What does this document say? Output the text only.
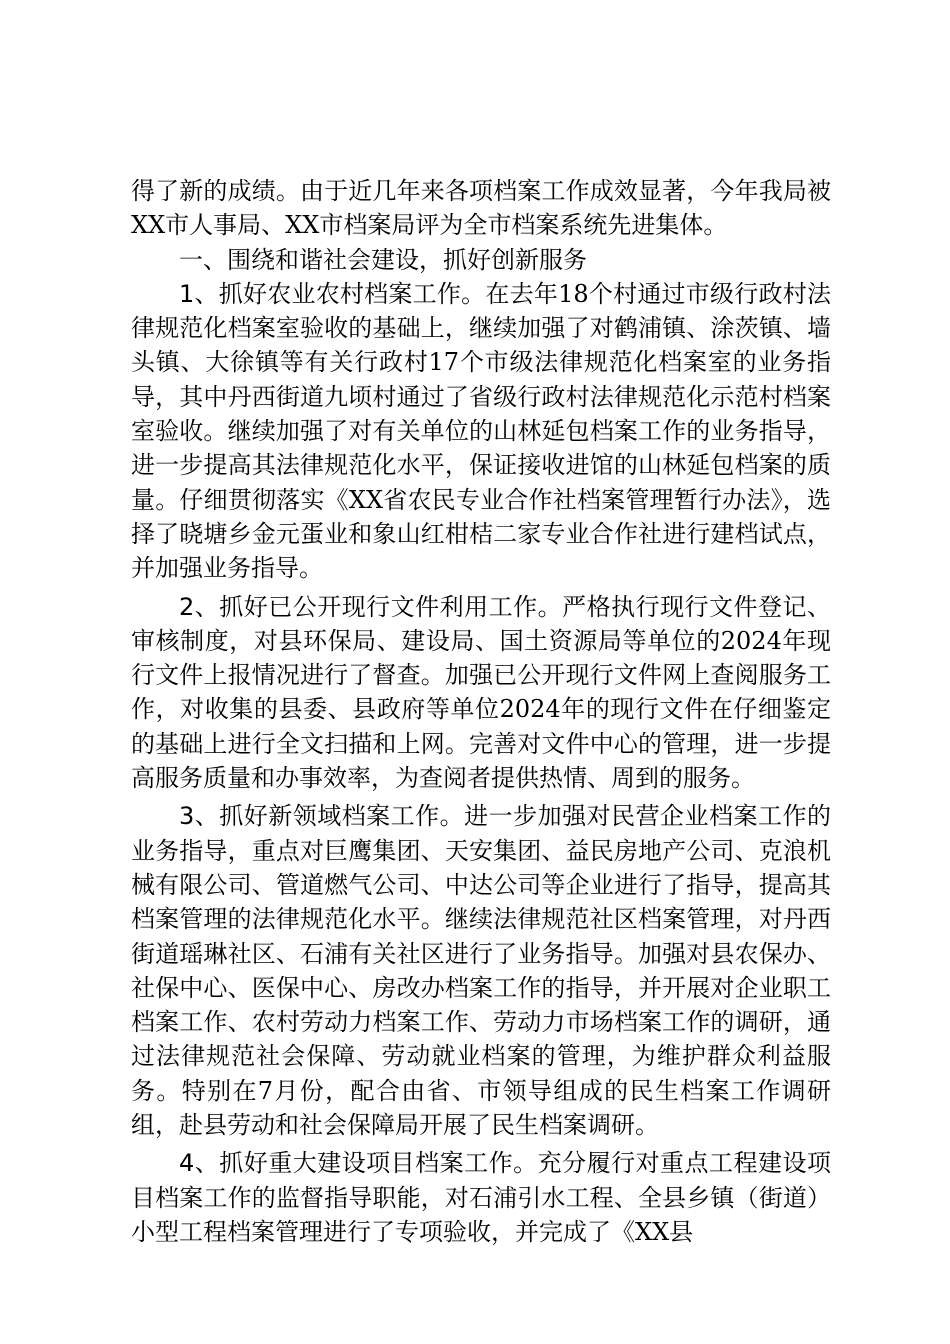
得了新的成绩。由于近几年来各项档案工作成效显著，今年我局被XX市人事局、XX市档案局评为全市档案系统先进集体。

一、围绕和谐社会建设，抓好创新服务

1、抓好农业农村档案工作。在去年18个村通过市级行政村法律规范化档案室验收的基础上，继续加强了对鹤浦镇、涂茨镇、墙头镇、大徐镇等有关行政村17个市级法律规范化档案室的业务指导，其中丹西街道九顷村通过了省级行政村法律规范化示范村档案室验收。继续加强了对有关单位的山林延包档案工作的业务指导，进一步提高其法律规范化水平，保证接收进馆的山林延包档案的质量。仔细贯彻落实《XX省农民专业合作社档案管理暂行办法》，选择了晓塘乡金元蛋业和象山红柑桔二家专业合作社进行建档试点，并加强业务指导。

2、抓好已公开现行文件利用工作。严格执行现行文件登记、审核制度，对县环保局、建设局、国土资源局等单位的2024年现行文件上报情况进行了督查。加强已公开现行文件网上查阅服务工作，对收集的县委、县政府等单位2024年的现行文件在仔细鉴定的基础上进行全文扫描和上网。完善对文件中心的管理，进一步提高服务质量和办事效率，为查阅者提供热情、周到的服务。

3、抓好新领域档案工作。进一步加强对民营企业档案工作的业务指导，重点对巨鹰集团、天安集团、益民房地产公司、克浪机械有限公司、管道燃气公司、中达公司等企业进行了指导，提高其档案管理的法律规范化水平。继续法律规范社区档案管理，对丹西街道瑶琳社区、石浦有关社区进行了业务指导。加强对县农保办、社保中心、医保中心、房改办档案工作的指导，并开展对企业职工档案工作、农村劳动力档案工作、劳动力市场档案工作的调研，通过法律规范社会保障、劳动就业档案的管理，为维护群众利益服务。特别在7月份，配合由省、市领导组成的民生档案工作调研组，赴县劳动和社会保障局开展了民生档案调研。

4、抓好重大建设项目档案工作。充分履行对重点工程建设项目档案工作的监督指导职能，对石浦引水工程、全县乡镇（街道）小型工程档案管理进行了专项验收，并完成了《XX县
